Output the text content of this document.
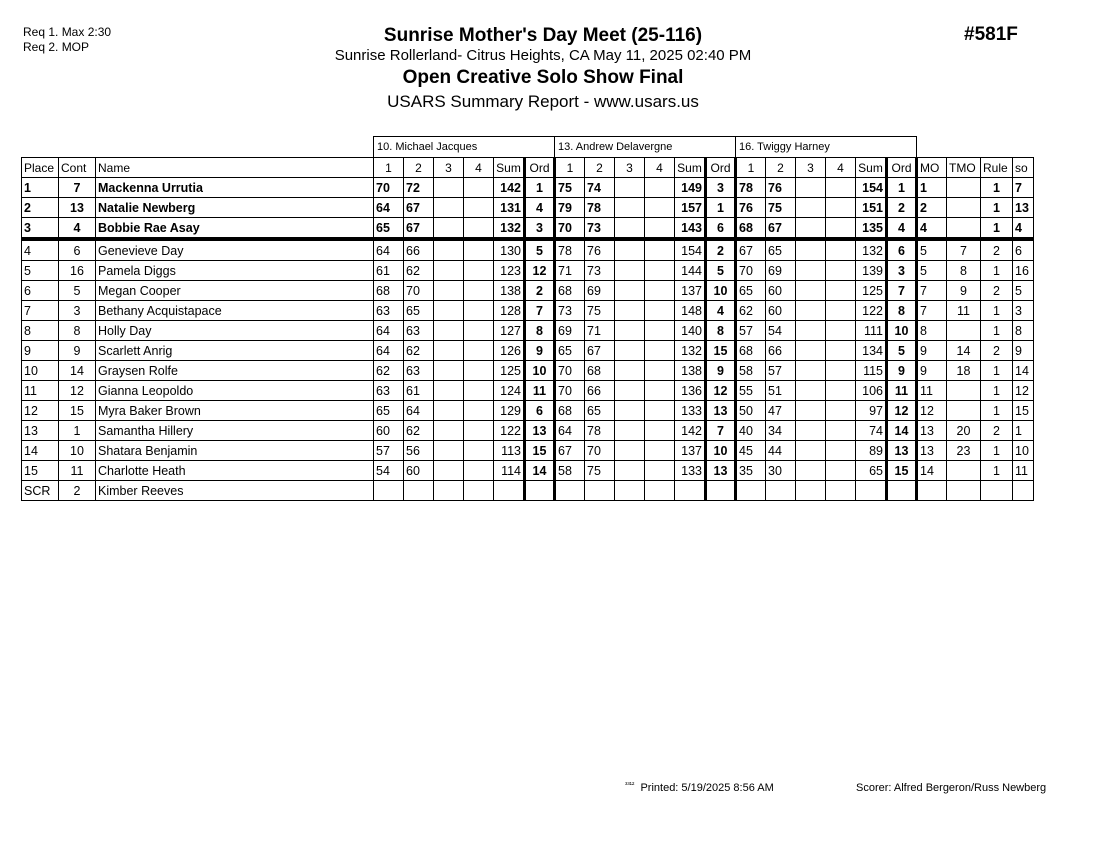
Req 1. Max 2:30
Req 2. MOP
Sunrise Mother's Day Meet (25-116)
Sunrise Rollerland- Citrus Heights, CA May 11, 2025 02:40 PM
Open Creative Solo Show Final
USARS Summary Report - www.usars.us
#581F
			10. Michael Jacques						13. Andrew Delavergne						16. Twiggy Harney									
Place	Cont	Name	1	2	3	4	Sum	Ord	1	2	3	4	Sum	Ord	1	2	3	4	Sum	Ord	MO	TMO	Rule	so
1	7	Mackenna Urrutia	70	72			142	1	75	74			149	3	78	76			154	1	1		1	7
2	13	Natalie Newberg	64	67			131	4	79	78			157	1	76	75			151	2	2		1	13
3	4	Bobbie Rae Asay	65	67			132	3	70	73			143	6	68	67			135	4	4		1	4
4	6	Genevieve Day	64	66			130	5	78	76			154	2	67	65			132	6	5	7	2	6
5	16	Pamela Diggs	61	62			123	12	71	73			144	5	70	69			139	3	5	8	1	16
6	5	Megan Cooper	68	70			138	2	68	69			137	10	65	60			125	7	7	9	2	5
7	3	Bethany Acquistapace	63	65			128	7	73	75			148	4	62	60			122	8	7	11	1	3
8	8	Holly Day	64	63			127	8	69	71			140	8	57	54			111	10	8		1	8
9	9	Scarlett Anrig	64	62			126	9	65	67			132	15	68	66			134	5	9	14	2	9
10	14	Graysen Rolfe	62	63			125	10	70	68			138	9	58	57			115	9	9	18	1	14
11	12	Gianna Leopoldo	63	61			124	11	70	66			136	12	55	51			106	11	11		1	12
12	15	Myra Baker Brown	65	64			129	6	68	65			133	13	50	47			97	12	12		1	15
13	1	Samantha Hillery	60	62			122	13	64	78			142	7	40	34			74	14	13	20	2	1
14	10	Shatara Benjamin	57	56			113	15	67	70			137	10	45	44			89	13	13	23	1	10
15	11	Charlotte Heath	54	60			114	14	58	75			133	13	35	30			65	15	14		1	11
SCR	2	Kimber Reeves																						
$^{^{3312}}$ Printed: 5/19/2025 8:56 AM	Scorer: Alfred Bergeron/Russ Newberg
